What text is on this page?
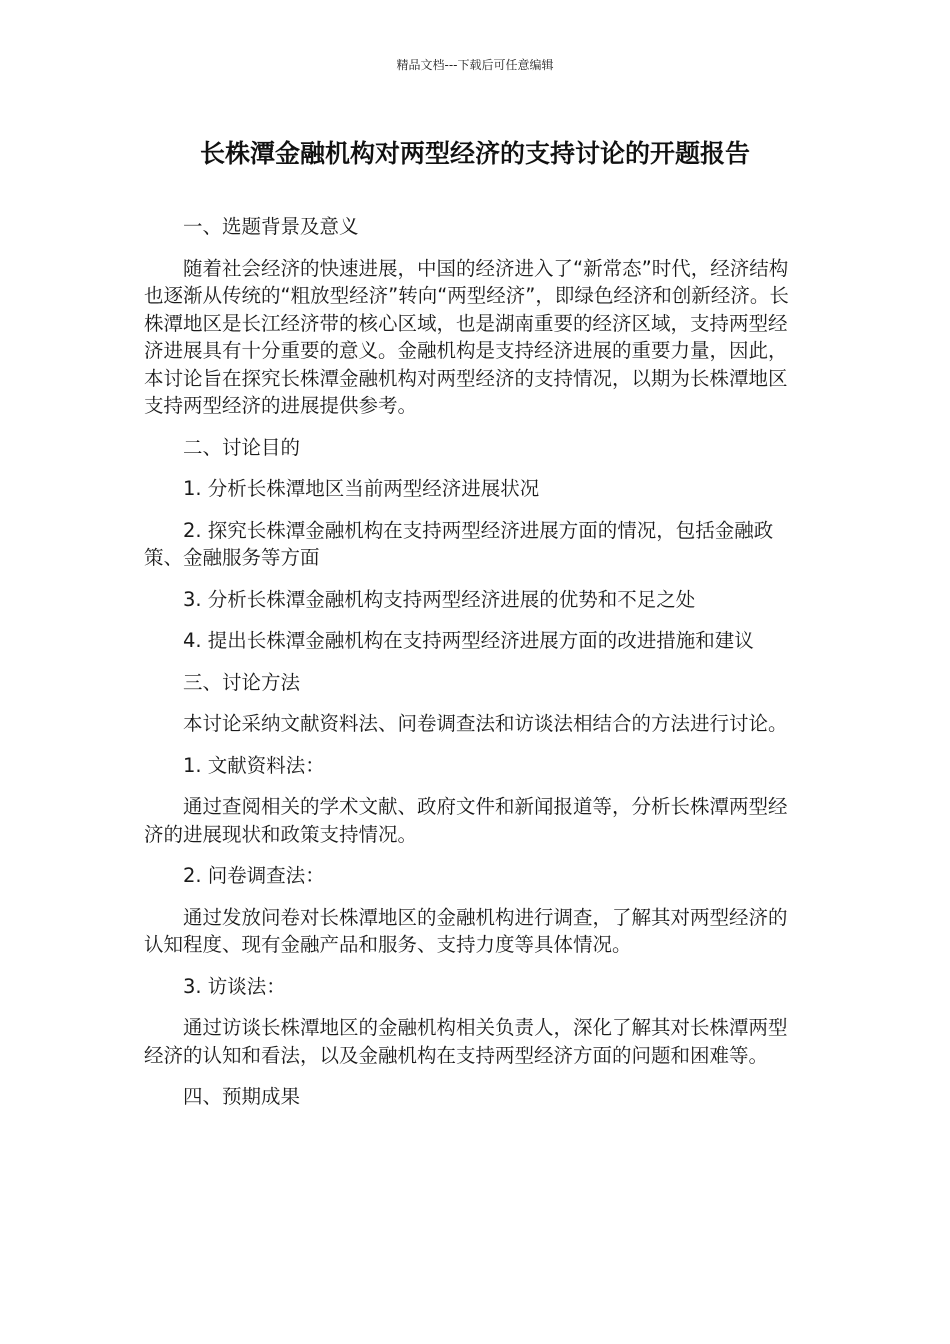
精品文档---下载后可任意编辑
长株潭金融机构对两型经济的支持讨论的开题报告

一、选题背景及意义

随着社会经济的快速进展，中国的经济进入了“新常态”时代，经济结构也逐渐从传统的“粗放型经济”转向“两型经济”，即绿色经济和创新经济。长株潭地区是长江经济带的核心区域，也是湖南重要的经济区域，支持两型经济进展具有十分重要的意义。金融机构是支持经济进展的重要力量，因此，本讨论旨在探究长株潭金融机构对两型经济的支持情况，以期为长株潭地区支持两型经济的进展提供参考。

二、讨论目的

1. 分析长株潭地区当前两型经济进展状况

2. 探究长株潭金融机构在支持两型经济进展方面的情况，包括金融政策、金融服务等方面

3. 分析长株潭金融机构支持两型经济进展的优势和不足之处

4. 提出长株潭金融机构在支持两型经济进展方面的改进措施和建议

三、讨论方法

本讨论采纳文献资料法、问卷调查法和访谈法相结合的方法进行讨论。

1. 文献资料法：

通过查阅相关的学术文献、政府文件和新闻报道等，分析长株潭两型经济的进展现状和政策支持情况。

2. 问卷调查法：

通过发放问卷对长株潭地区的金融机构进行调查，了解其对两型经济的认知程度、现有金融产品和服务、支持力度等具体情况。

3. 访谈法：

通过访谈长株潭地区的金融机构相关负责人，深化了解其对长株潭两型经济的认知和看法，以及金融机构在支持两型经济方面的问题和困难等。

四、预期成果
